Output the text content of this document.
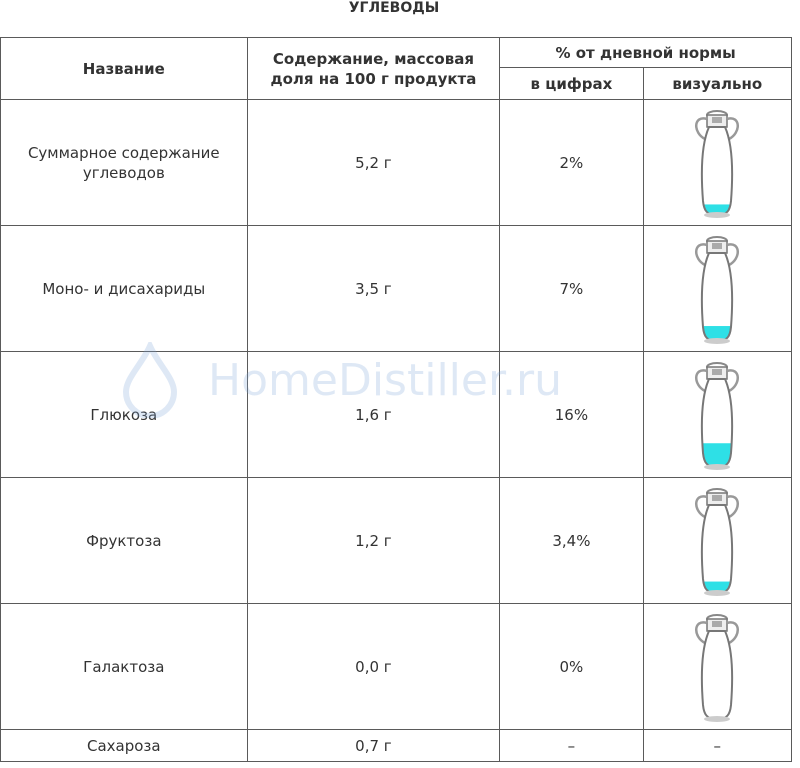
УГЛЕВОДЫ
Название	Содержание, массовая доля на 100 г продукта	% от дневной нормы	
		в цифрах	визуально
Суммарное содержание углеводов	5,2 г	2%	

Моно- и дисахариды	3,5 г	7%	

Глюкоза	1,6 г	16%	

Фруктоза	1,2 г	3,4%	

Галактоза	0,0 г	0%	

Сахароза	0,7 г	–	–
HomeDistiller.ru
